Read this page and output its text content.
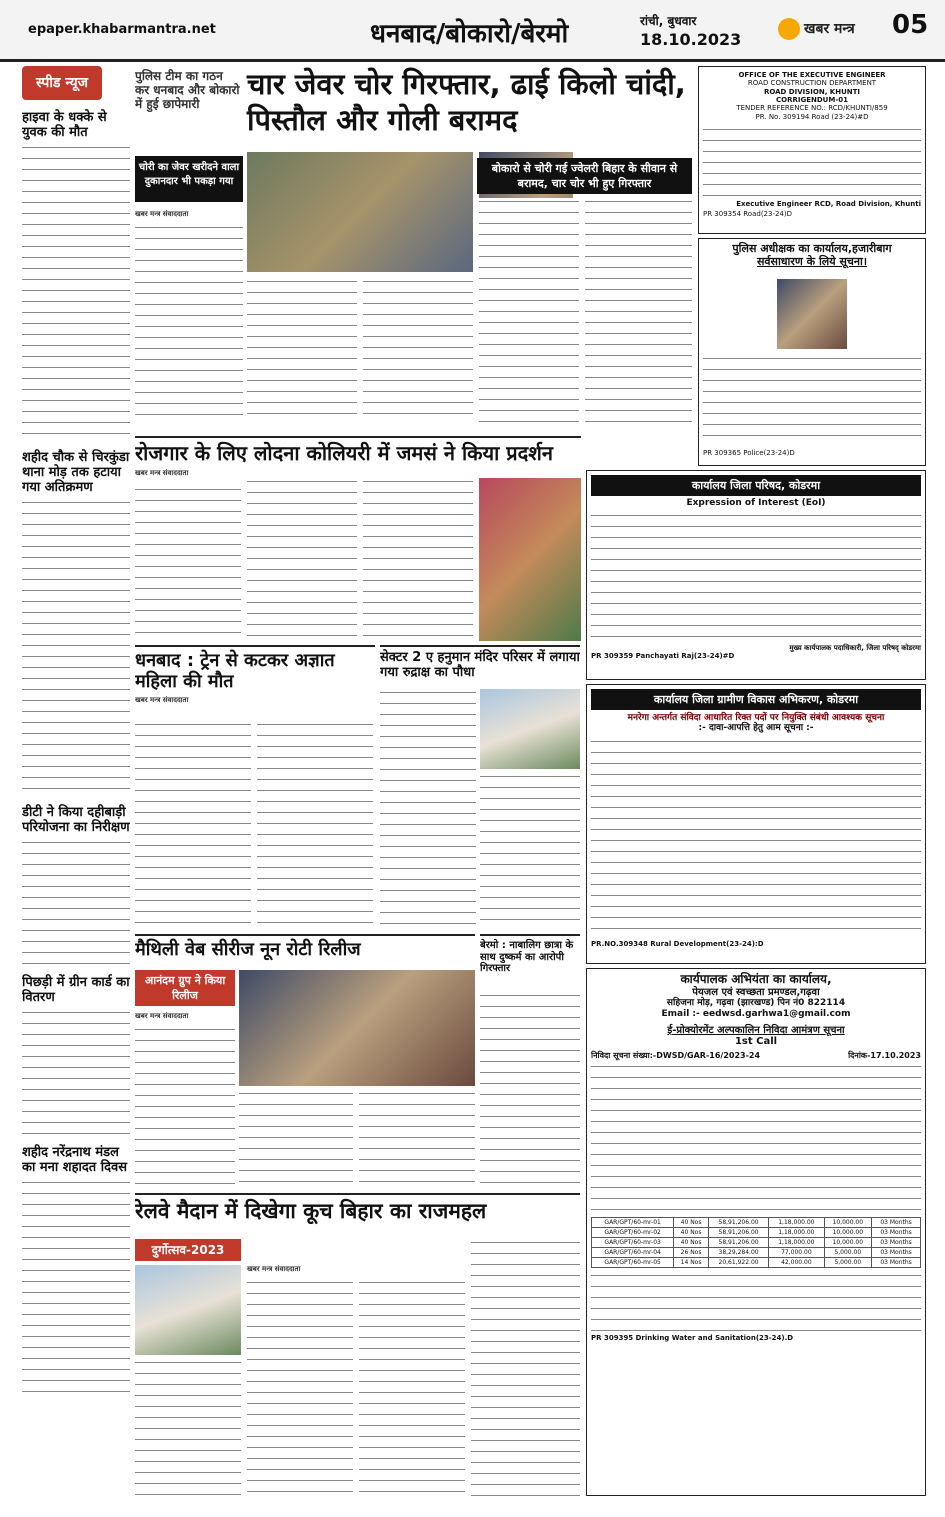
epaper.khabarmantra.net	धनबाद/बोकारो/बेरमो	रांची, बुधवार
18.10.2023
खबर मन्त्र	05
स्पीड न्यूज
हाइवा के धक्के से युवक की मौत
शहीद चौक से चिरकुंडा थाना मोड़ तक हटाया गया अतिक्रमण
डीटी ने किया दहीबाड़ी परियोजना का निरीक्षण
पिछड़ी में ग्रीन कार्ड का वितरण
शहीद नरेंद्रनाथ मंडल का मना शहादत दिवस
पुलिस टीम का गठन कर धनबाद और बोकारो में हुई छापेमारी
चार जेवर चोर गिरफ्तार, ढाई किलो चांदी, पिस्तौल और गोली बरामद
चोरी का जेवर खरीदने वाला दुकानदार भी पकड़ा गया
बोकारो से चोरी गई ज्वेलरी बिहार के सीवान से बरामद, चार चोर भी हुए गिरफ्तार
खबर मन्त्र संवाददाता
OFFICE OF THE EXECUTIVE ENGINEER
ROAD CONSTRUCTION DEPARTMENT
ROAD DIVISION, KHUNTI
CORRIGENDUM-01
TENDER REFERENCE NO.: RCD/KHUNTI/859
PR. No. 309194 Road (23-24)#D
Executive Engineer RCD, Road Division, Khunti
PR 309354 Road(23-24)D
पुलिस अधीक्षक का कार्यालय,हजारीबाग
सर्वसाधारण के लिये सूचना।
PR 309365 Police(23-24)D
रोजगार के लिए लोदना कोलियरी में जमसं ने किया प्रदर्शन
खबर मन्त्र संवाददाता
कार्यालय जिला परिषद, कोडरमा
Expression of Interest (EoI)
मुख्य कार्यपालक पदाधिकारी, जिला परिषद् कोडरमा
PR 309359 Panchayati Raj(23-24)#D
धनबाद : ट्रेन से कटकर अज्ञात महिला की मौत
खबर मन्त्र संवाददाता
सेक्टर 2 ए हनुमान मंदिर परिसर में लगाया गया रुद्राक्ष का पौधा
कार्यालय जिला ग्रामीण विकास अभिकरण, कोडरमा
मनरेगा अन्तर्गत संविदा आधारित रिक्त पदों पर नियुक्ति संबंधी आवश्यक सूचना
:- दावा-आपत्ति हेतु आम सूचना :-
PR.NO.309348 Rural Development(23-24):D
मैथिली वेब सीरीज नून रोटी रिलीज
आनंदम ग्रुप ने किया रिलीज
खबर मन्त्र संवाददाता
बेरमो : नाबालिग छात्रा के साथ दुष्कर्म का आरोपी गिरफ्तार
कार्यपालक अभियंता का कार्यालय,
पेयजल एवं स्वच्छता प्रमण्डल,गढ़वा
सहिजना मोड़, गढ़वा (झारखण्ड) पिन नं0 822114
Email :- eedwsd.garhwa1@gmail.com
ई-प्रोक्योरमेंट अल्पकालिन निविदा आमंत्रण सूचना
1st Call
निविदा सूचना संख्या:-DWSD/GAR-16/2023-24	दिनांक-17.10.2023
GAR/GPT/60-mr-01	40 Nos	58,91,206.00	1,18,000.00	10,000.00	03 Months
GAR/GPT/60-mr-02	40 Nos	58,91,206.00	1,18,000.00	10,000.00	03 Months
GAR/GPT/60-mr-03	40 Nos	58,91,206.00	1,18,000.00	10,000.00	03 Months
GAR/GPT/60-mr-04	26 Nos	38,29,284.00	77,000.00	5,000.00	03 Months
GAR/GPT/60-mr-05	14 Nos	20,61,922.00	42,000.00	5,000.00	03 Months
PR 309395 Drinking Water and Sanitation(23-24).D
रेलवे मैदान में दिखेगा कूच बिहार का राजमहल
दुर्गोत्सव-2023
खबर मन्त्र संवाददाता
